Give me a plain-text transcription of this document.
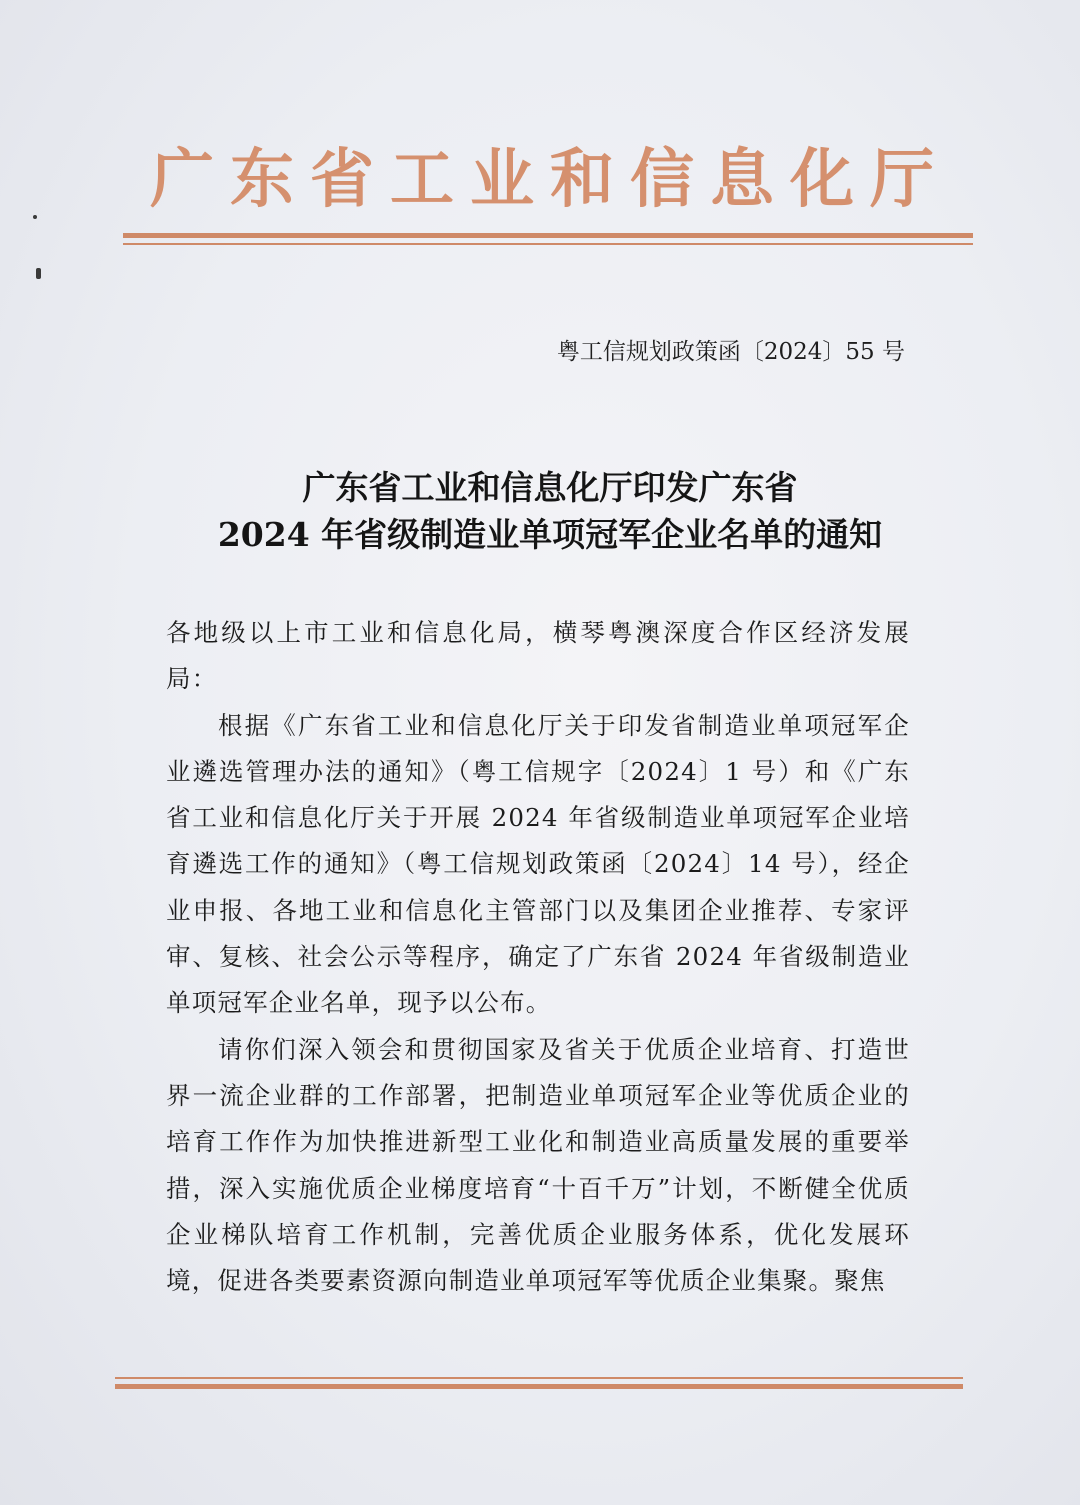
广东省工业和信息化厅
粤工信规划政策函〔2024〕55 号
广东省工业和信息化厅印发广东省
2024 年省级制造业单项冠军企业名单的通知

各地级以上市工业和信息化局，横琴粤澳深度合作区经济发展局：

根据《广东省工业和信息化厅关于印发省制造业单项冠军企业遴选管理办法的通知》（粤工信规字〔2024〕1 号）和《广东省工业和信息化厅关于开展 2024 年省级制造业单项冠军企业培育遴选工作的通知》（粤工信规划政策函〔2024〕14 号），经企业申报、各地工业和信息化主管部门以及集团企业推荐、专家评审、复核、社会公示等程序，确定了广东省 2024 年省级制造业单项冠军企业名单，现予以公布。

请你们深入领会和贯彻国家及省关于优质企业培育、打造世界一流企业群的工作部署，把制造业单项冠军企业等优质企业的培育工作作为加快推进新型工业化和制造业高质量发展的重要举措，深入实施优质企业梯度培育“十百千万”计划，不断健全优质企业梯队培育工作机制，完善优质企业服务体系，优化发展环境，促进各类要素资源向制造业单项冠军等优质企业集聚。聚焦
